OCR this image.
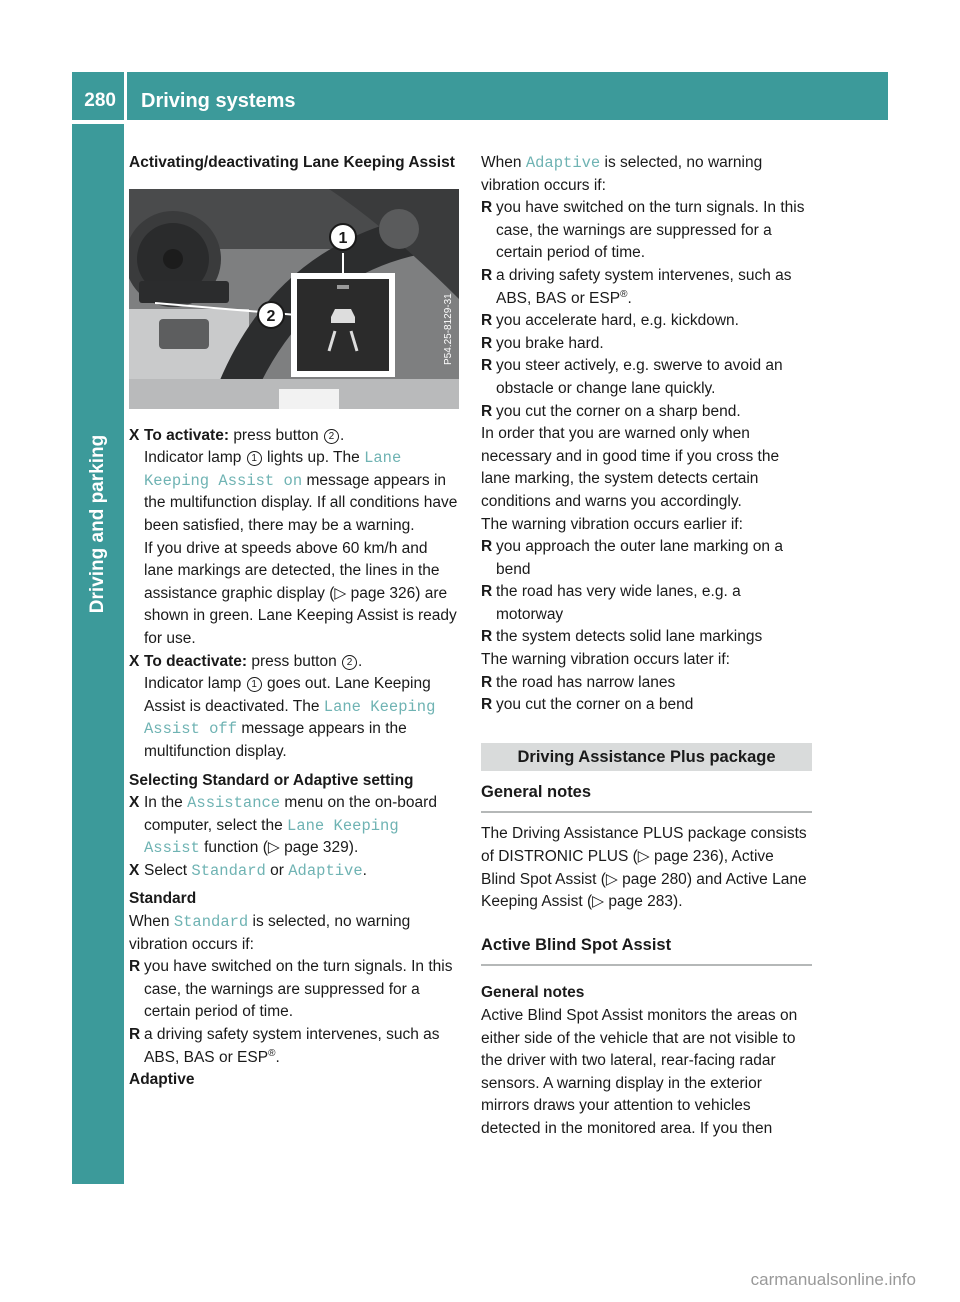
280 Driving systems
Driving and parking

Activating/deactivating Lane Keeping Assist

1
2	P54.25-8129-31
X To activate: press button 2 .
Indicator lamp 1 lights up. The Lane Keeping Assist on message appears in the multifunction display. If all conditions have been satisfied, there may be a warning.

If you drive at speeds above 60 km/h and lane markings are detected, the lines in the assistance graphic display (▷ page 326) are shown in green. Lane Keeping Assist is ready for use.

X To deactivate: press button 2 .
Indicator lamp 1 goes out. Lane Keeping Assist is deactivated. The Lane Keeping Assist off message appears in the multifunction display.

Selecting Standard or Adaptive setting

X In the Assistance menu on the on-board computer, select the Lane Keeping Assist function (▷ page 329).

X Select Standard or Adaptive.

Standard

When Standard is selected, no warning vibration occurs if:

R you have switched on the turn signals. In this case, the warnings are suppressed for a certain period of time.

R a driving safety system intervenes, such as ABS, BAS or ESP®.

Adaptive

When Adaptive is selected, no warning vibration occurs if:

R you have switched on the turn signals. In this case, the warnings are suppressed for a certain period of time.

R a driving safety system intervenes, such as ABS, BAS or ESP®.

R you accelerate hard, e.g. kickdown.

R you brake hard.

R you steer actively, e.g. swerve to avoid an obstacle or change lane quickly.

R you cut the corner on a sharp bend.

In order that you are warned only when necessary and in good time if you cross the lane marking, the system detects certain conditions and warns you accordingly.

The warning vibration occurs earlier if:

R you approach the outer lane marking on a bend

R the road has very wide lanes, e.g. a motorway

R the system detects solid lane markings

The warning vibration occurs later if:

R the road has narrow lanes

R you cut the corner on a bend

Driving Assistance Plus package
General notes

The Driving Assistance PLUS package consists of DISTRONIC PLUS (▷ page 236), Active Blind Spot Assist (▷ page 280) and Active Lane Keeping Assist (▷ page 283).

Active Blind Spot Assist

General notes

Active Blind Spot Assist monitors the areas on either side of the vehicle that are not visible to the driver with two lateral, rear-facing radar sensors. A warning display in the exterior mirrors draws your attention to vehicles detected in the monitored area. If you then

carmanualsonline.info
